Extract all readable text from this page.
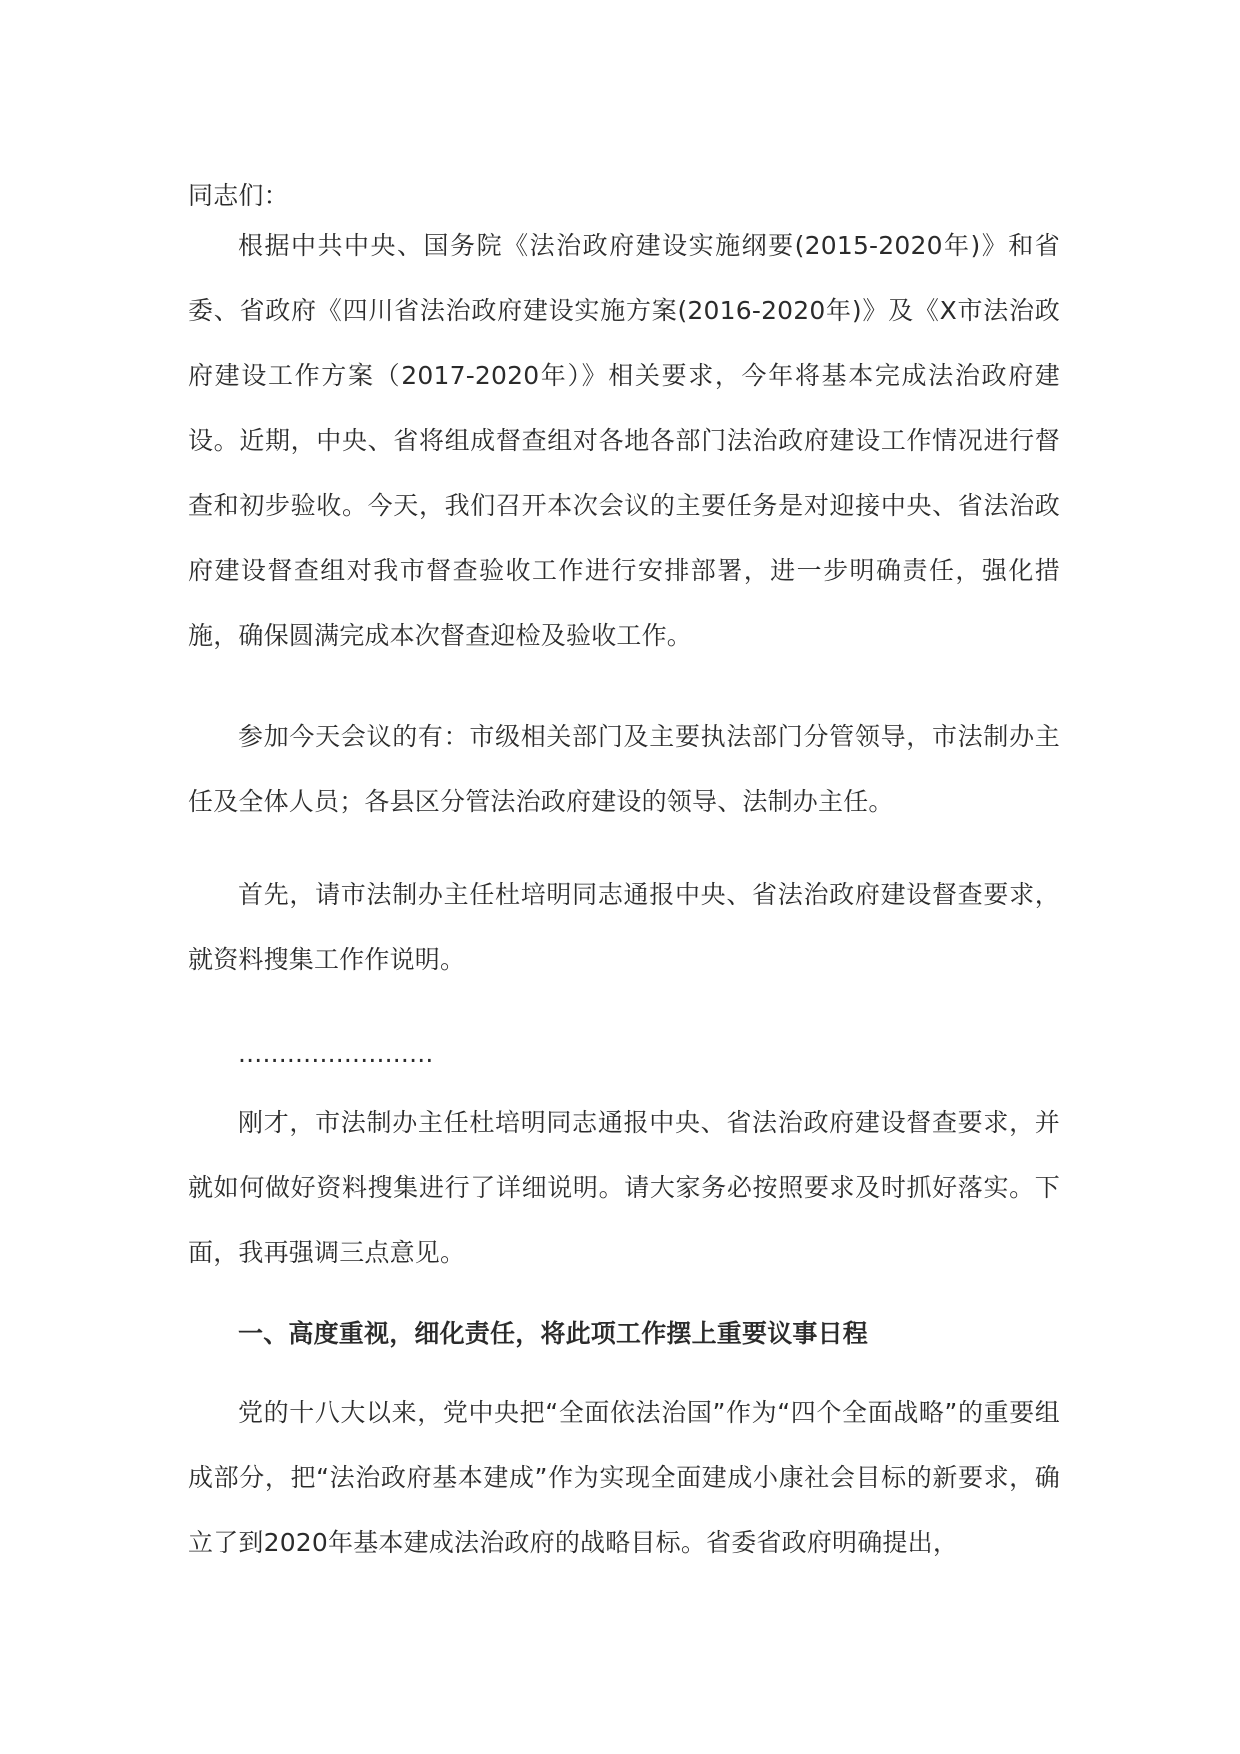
同志们：

根据中共中央、国务院《法治政府建设实施纲要(2015-2020年)》和省委、省政府《四川省法治政府建设实施方案(2016-2020年)》及《X市法治政府建设工作方案（2017-2020年）》相关要求，今年将基本完成法治政府建设。近期，中央、省将组成督查组对各地各部门法治政府建设工作情况进行督查和初步验收。今天，我们召开本次会议的主要任务是对迎接中央、省法治政府建设督查组对我市督查验收工作进行安排部署，进一步明确责任，强化措施，确保圆满完成本次督查迎检及验收工作。

参加今天会议的有：市级相关部门及主要执法部门分管领导，市法制办主任及全体人员；各县区分管法治政府建设的领导、法制办主任。

首先，请市法制办主任杜培明同志通报中央、省法治政府建设督查要求，就资料搜集工作作说明。

........................

刚才，市法制办主任杜培明同志通报中央、省法治政府建设督查要求，并就如何做好资料搜集进行了详细说明。请大家务必按照要求及时抓好落实。下面，我再强调三点意见。

一、高度重视，细化责任，将此项工作摆上重要议事日程

党的十八大以来，党中央把“全面依法治国”作为“四个全面战略”的重要组成部分，把“法治政府基本建成”作为实现全面建成小康社会目标的新要求，确立了到2020年基本建成法治政府的战略目标。省委省政府明确提出，
